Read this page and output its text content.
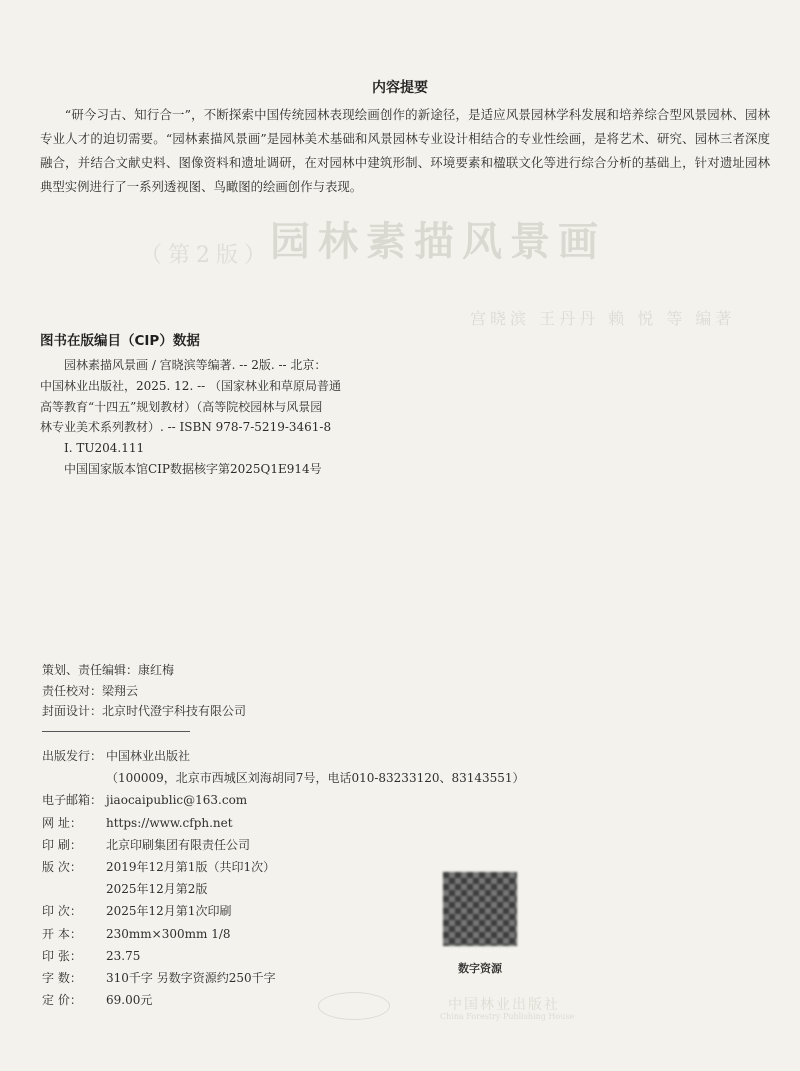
内容提要
“研今习古、知行合一”，不断探索中国传统园林表现绘画创作的新途径，是适应风景园林学科发展和培养综合型风景园林、园林专业人才的迫切需要。“园林素描风景画”是园林美术基础和风景园林专业设计相结合的专业性绘画，是将艺术、研究、园林三者深度融合，并结合文献史料、图像资料和遗址调研，在对园林中建筑形制、环境要素和楹联文化等进行综合分析的基础上，针对遗址园林典型实例进行了一系列透视图、鸟瞰图的绘画创作与表现。
（第2版）
园林素描风景画
宫晓滨 王丹丹 赖 悦 等 编著
图书在版编目（CIP）数据
园林素描风景画 / 宫晓滨等编著. -- 2版. -- 北京：
中国林业出版社，2025. 12. -- （国家林业和草原局普通
高等教育“十四五”规划教材）（高等院校园林与风景园
林专业美术系列教材）. -- ISBN 978-7-5219-3461-8
Ⅰ. TU204.111
中国国家版本馆CIP数据核字第2025Q1E914号
策划、责任编辑：康红梅
责任校对：梁翔云
封面设计：北京时代澄宇科技有限公司
出版发行： 中国林业出版社
（100009，北京市西城区刘海胡同7号，电话010-83233120、83143551）
电子邮箱： jiaocaipublic@163.com
网 址： https://www.cfph.net
印 刷： 北京印刷集团有限责任公司
版 次： 2019年12月第1版（共印1次）
2025年12月第2版
印 次： 2025年12月第1次印刷
开 本： 230mm×300mm 1/8
印 张： 23.75
字 数： 310千字 另数字资源约250千字
定 价： 69.00元
数字资源
中国林业出版社
China Forestry Publishing House
